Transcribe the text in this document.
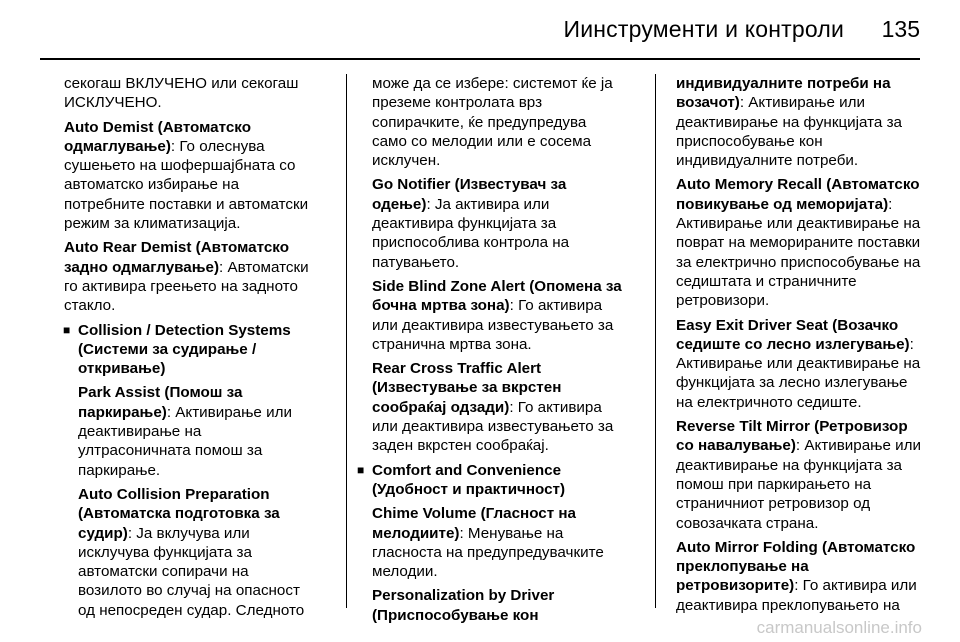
Иинструменти и контроли 135

секогаш ВКЛУЧЕНО или секогаш ИСКЛУЧЕНО.

Auto Demist (Автоматско одмаглување): Го олеснува сушењето на шофершајбната со автоматско избирање на потребните поставки и автоматски режим за климатизација.

Auto Rear Demist (Автоматско задно одмаглување): Автоматски го активира греењето на задното стакло.

■ Collision / Detection Systems (Системи за судирање / откривање)

Park Assist (Помош за паркирање): Активирање или деактивирање на ултрасоничната помош за паркирање.

Auto Collision Preparation (Автоматска подготовка за судир): Ја вклучува или исклучува функцијата за автоматски сопирачи на возилото во случај на опасност од непосреден судар. Следното

може да се избере: системот ќе ја преземе контролата врз сопирачките, ќе предупредува само со мелодии или е сосема исклучен.

Go Notifier (Известувач за одење): Ја активира или деактивира функцијата за приспособлива контрола на патувањето.

Side Blind Zone Alert (Опомена за бочна мртва зона): Го активира или деактивира известувањето за странична мртва зона.

Rear Cross Traffic Alert (Известување за вкрстен сообраќај одзади): Го активира или деактивира известувањето за заден вкрстен сообраќај.

■ Comfort and Convenience (Удобност и практичност)

Chime Volume (Гласност на мелодиите): Менување на гласноста на предупредувачките мелодии.

Personalization by Driver (Приспособување кон

индивидуалните потреби на возачот): Активирање или деактивирање на функцијата за приспособување кон индивидуалните потреби.

Auto Memory Recall (Автоматско повикување од меморијата): Активирање или деактивирање на поврат на меморираните поставки за електрично приспособување на седиштата и страничните ретровизори.

Easy Exit Driver Seat (Возачко седиште со лесно излегување): Активирање или деактивирање на функцијата за лесно излегување на електричното седиште.

Reverse Tilt Mirror (Ретровизор со навалување): Активирање или деактивирање на функцијата за помош при паркирањето на страничниот ретровизор од совозачката страна.

Auto Mirror Folding (Автоматско преклопување на ретровизорите): Го активира или деактивира преклопувањето на

carmanualsonline.info
